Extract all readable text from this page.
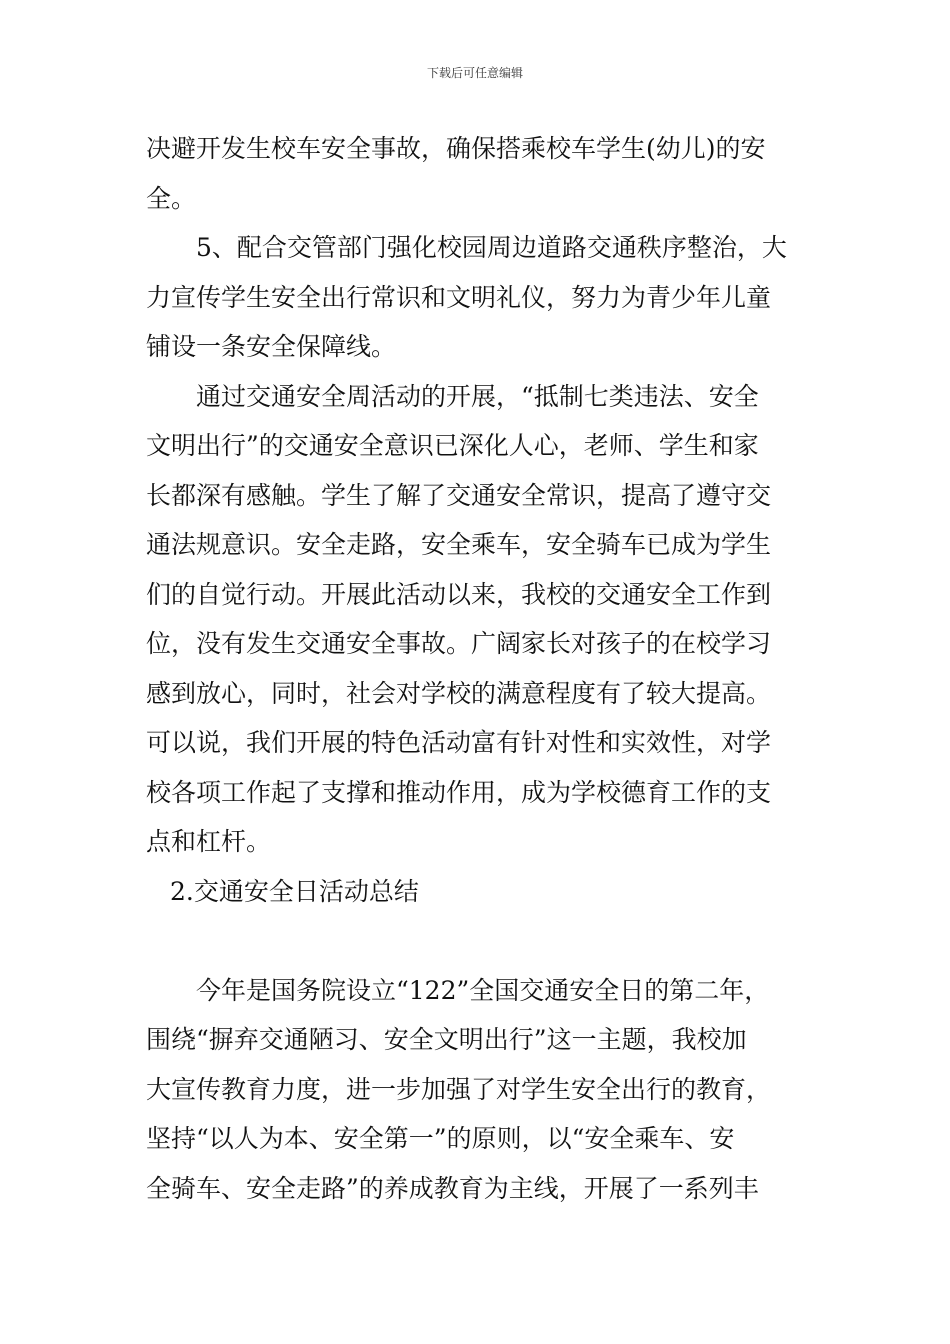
下载后可任意编辑
决避开发生校车安全事故，确保搭乘校车学生(幼儿)的安
全。
5、配合交管部门强化校园周边道路交通秩序整治，大
力宣传学生安全出行常识和文明礼仪，努力为青少年儿童
铺设一条安全保障线。
通过交通安全周活动的开展，“抵制七类违法、安全
文明出行”的交通安全意识已深化人心，老师、学生和家
长都深有感触。学生了解了交通安全常识，提高了遵守交
通法规意识。安全走路，安全乘车，安全骑车已成为学生
们的自觉行动。开展此活动以来，我校的交通安全工作到
位，没有发生交通安全事故。广阔家长对孩子的在校学习
感到放心，同时，社会对学校的满意程度有了较大提高。
可以说，我们开展的特色活动富有针对性和实效性，对学
校各项工作起了支撑和推动作用，成为学校德育工作的支
点和杠杆。
2.交通安全日活动总结
今年是国务院设立“122”全国交通安全日的第二年，
围绕“摒弃交通陋习、安全文明出行”这一主题，我校加
大宣传教育力度，进一步加强了对学生安全出行的教育，
坚持“以人为本、安全第一”的原则，以“安全乘车、安
全骑车、安全走路”的养成教育为主线，开展了一系列丰
